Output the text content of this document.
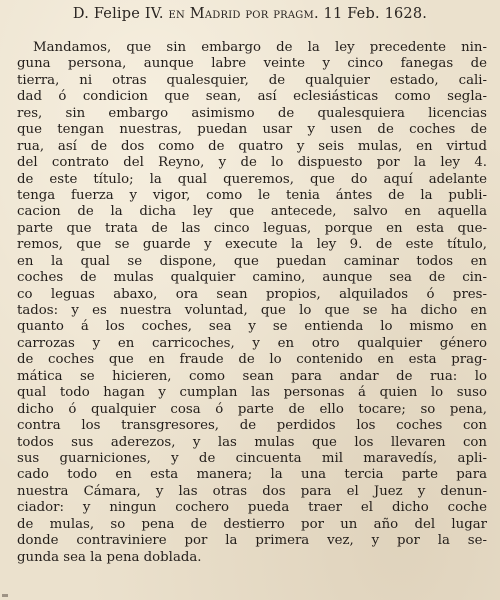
D. Felipe IV. en Madrid por pragm. 11 Feb. 1628.
Mandamos, que sin embargo de la ley precedente nin-
guna persona, aunque labre veinte y cinco fanegas de
tierra, ni otras qualesquier, de qualquier estado, cali-
dad ó condicion que sean, así eclesiásticas como segla-
res, sin embargo asimismo de qualesquiera licencias
que tengan nuestras, puedan usar y usen de coches de
rua, así de dos como de quatro y seis mulas, en virtud
del contrato del Reyno, y de lo dispuesto por la ley 4.
de este título; la qual queremos, que do aquí adelante
tenga fuerza y vigor, como le tenia ántes de la publi-
cacion de la dicha ley que antecede, salvo en aquella
parte que trata de las cinco leguas, porque en esta que-
remos, que se guarde y execute la ley 9. de este título,
en la qual se dispone, que puedan caminar todos en
coches de mulas qualquier camino, aunque sea de cin-
co leguas abaxo, ora sean propios, alquilados ó pres-
tados: y es nuestra voluntad, que lo que se ha dicho en
quanto á los coches, sea y se entienda lo mismo en
carrozas y en carricoches, y en otro qualquier género
de coches que en fraude de lo contenido en esta prag-
mática se hicieren, como sean para andar de rua: lo
qual todo hagan y cumplan las personas á quien lo suso
dicho ó qualquier cosa ó parte de ello tocare; so pena,
contra los transgresores, de perdidos los coches con
todos sus aderezos, y las mulas que los llevaren con
sus guarniciones, y de cincuenta mil maravedís, apli-
cado todo en esta manera; la una tercia parte para
nuestra Cámara, y las otras dos para el Juez y denun-
ciador: y ningun cochero pueda traer el dicho coche
de mulas, so pena de destierro por un año del lugar
donde contraviniere por la primera vez, y por la se-
gunda sea la pena doblada.
